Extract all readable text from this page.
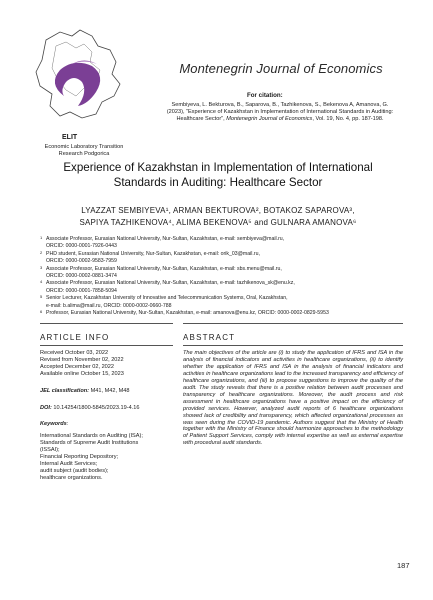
ELIT
Economic Laboratory Transition Research Podgorica
Montenegrin Journal of Economics
For citation:
Sembiyeva, L. Bekturova, B., Saparova, B., Tazhikenova, S., Bekenova A, Amanova, G. (2023), “Experience of Kazakhstan in Implementation of International Standards in Auditing: Healthcare Sector”, Montenegrin Journal of Economics, Vol. 19, No. 4, pp. 187-198.
Experience of Kazakhstan in Implementation of International Standards in Auditing: Healthcare Sector
LYAZZAT SEMBIYEVA¹, ARMAN BEKTUROVA², BOTAKOZ SAPAROVA³,
SAPIYA TAZHIKENOVA⁴, ALIMA BEKENOVA⁵ and GULNARA AMANOVA⁶
1 Associate Professor, Eurasian National University, Nur-Sultan, Kazakhstan, e-mail: sembiyeva@mail.ru,
ORCID: 0000-0001-7926-0443
2 PHD student, Eurasian National University, Nur-Sultan, Kazakhstan, e-mail: orik_03@mail.ru,
ORCID: 0000-0002-9583-7959
3 Associate Professor, Eurasian National University, Nur-Sultan, Kazakhstan, e-mail: sbs.menu@mail.ru,
ORCID: 0000-0002-0881-3474
4 Associate Professor, Eurasian National University, Nur-Sultan, Kazakhstan, e-mail: tazhikenova_sk@enu.kz,
ORCID: 0000-0001-7858-5094
5 Senior Lecturer, Kazakhstan University of Innovative and Telecommunication Systems, Oral, Kazakhstan,
e-mail: b.alima@mail.ru, ORCID: 0000-0002-0660-788
6 Professor, Eurasian National University, Nur-Sultan, Kazakhstan, e-mail: amanova@enu.kz, ORCID: 0000-0002-0829-5953
ARTICLE INFO	ABSTRACT
Received October 03, 2022
Revised from November 02, 2022
Accepted December 02, 2022
Available online October 15, 2023
JEL classification: M41, M42, M48
DOI: 10.14254/1800-5845/2023.19-4.16
Keywords:
International Standards on Auditing (ISA);
Standards of Supreme Audit Institutions
(ISSAI);
Financial Reporting Depository;
Internal Audit Services;
audit subject (audit bodies);
healthcare organizations.
The main objectives of the article are (i) to study the application of IFRS and ISA in the analysis of financial indicators and activities in healthcare organizations, (ii) to identify whether the application of IFRS and ISA in the analysis of financial indicators and activities in healthcare organizations lead to the increased transparency and efficiency of healthcare organizations, and (iii) to propose suggestions to improve the quality of the audit. The study reveals that there is a positive relation between audit processes and transparency of healthcare organizations. Moreover, the audit process and risk assessment in healthcare organizations have a positive impact on the efficiency of provided services. However, analyzed audit reports of 6 healthcare organizations showed lack of credibility and transparency, which affected organizational processes as was seen during the COVID-19 pandemic. Authors suggest that the Ministry of Health together with the Ministry of Finance should harmonize approaches to the methodology of Patient Support Services, comply with internal expertise as well as external expertise with procedural audit standards.
187
